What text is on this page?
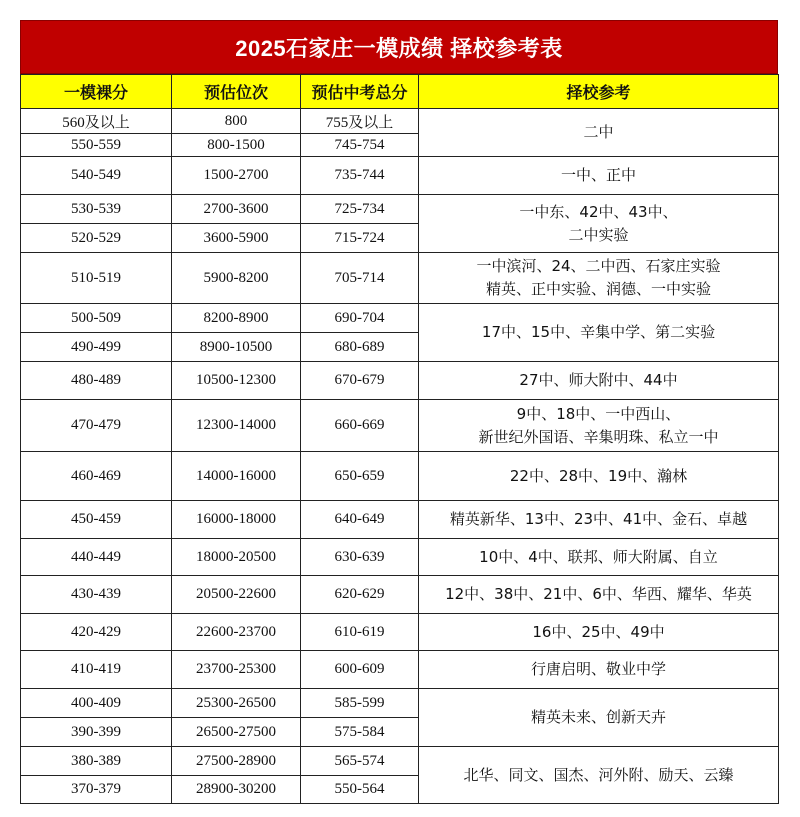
2025石家庄一模成绩 择校参考表
一模裸分	预估位次	预估中考总分	择校参考
560及以上	800	755及以上	二中

550-559	800-1500	745-754	
540-549	1500-2700	735-744	一中、正中

530-539	2700-3600	725-734	一中东、42中、43中、
二中实验

520-529	3600-5900	715-724	
510-519	5900-8200	705-714	一中滨河、24、二中西、石家庄实验
精英、正中实验、润德、一中实验

500-509	8200-8900	690-704	17中、15中、辛集中学、第二实验

490-499	8900-10500	680-689	
480-489	10500-12300	670-679	27中、师大附中、44中

470-479	12300-14000	660-669	9中、18中、一中西山、
新世纪外国语、辛集明珠、私立一中

460-469	14000-16000	650-659	22中、28中、19中、瀚林

450-459	16000-18000	640-649	精英新华、13中、23中、41中、金石、卓越

440-449	18000-20500	630-639	10中、4中、联邦、师大附属、自立

430-439	20500-22600	620-629	12中、38中、21中、6中、华西、耀华、华英

420-429	22600-23700	610-619	16中、25中、49中

410-419	23700-25300	600-609	行唐启明、敬业中学

400-409	25300-26500	585-599	精英未来、创新天卉

390-399	26500-27500	575-584	
380-389	27500-28900	565-574	北华、同文、国杰、河外附、励天、云臻

370-379	28900-30200	550-564	
